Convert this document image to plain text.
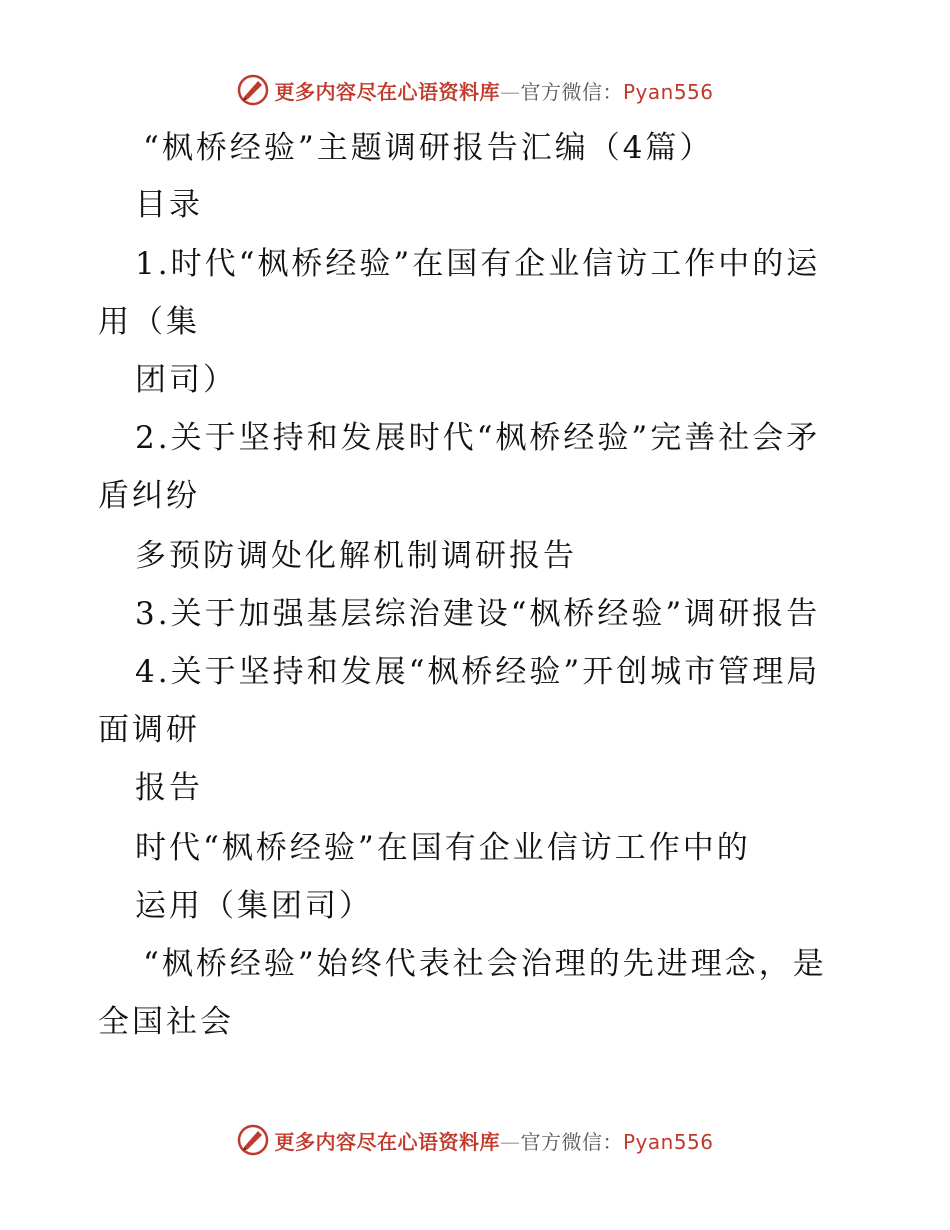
更多内容尽在心语资料库—官方微信：Pyan556
“枫桥经验”主题调研报告汇编（4篇）
目录
1.时代“枫桥经验”在国有企业信访工作中的运
用（集
团司）
2.关于坚持和发展时代“枫桥经验”完善社会矛
盾纠纷
多预防调处化解机制调研报告
3.关于加强基层综治建设“枫桥经验”调研报告
4.关于坚持和发展“枫桥经验”开创城市管理局
面调研
报告
时代“枫桥经验”在国有企业信访工作中的
运用（集团司）
“枫桥经验”始终代表社会治理的先进理念，是
全国社会
更多内容尽在心语资料库—官方微信：Pyan556
